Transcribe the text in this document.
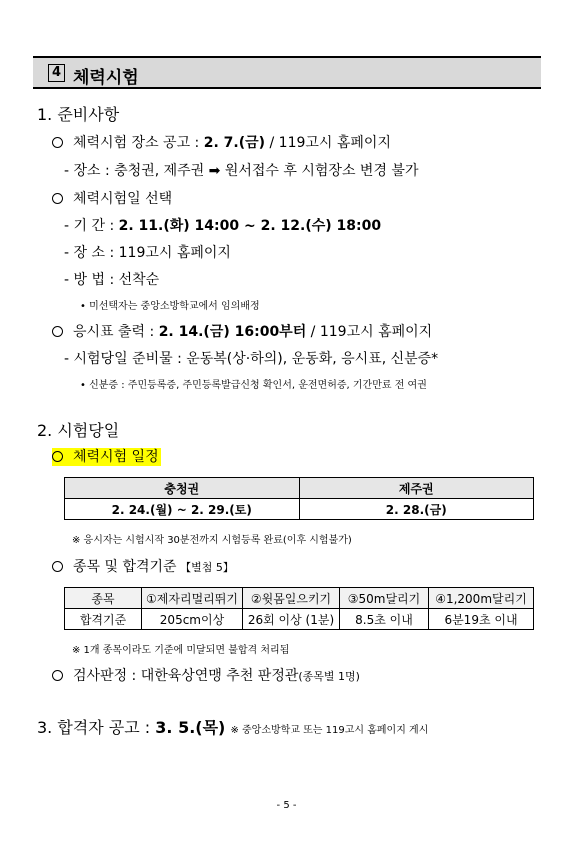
4 체력시험
1. 준비사항
체력시험 장소 공고 : 2. 7.(금) / 119고시 홈페이지
- 장소 : 충청권, 제주권 ➡ 원서접수 후 시험장소 변경 불가
체력시험일 선택
- 기 간 : 2. 11.(화) 14:00 ~ 2. 12.(수) 18:00
- 장 소 : 119고시 홈페이지
- 방 법 : 선착순
• 미선택자는 중앙소방학교에서 임의배정
응시표 출력 : 2. 14.(금) 16:00부터 / 119고시 홈페이지
- 시험당일 준비물 : 운동복(상·하의), 운동화, 응시표, 신분증*
• 신분증 : 주민등록증, 주민등록발급신청 확인서, 운전면허증, 기간만료 전 여권
2. 시험당일
체력시험 일정
충청권	제주권
2. 24.(월) ~ 2. 29.(토)	2. 28.(금)
※ 응시자는 시험시작 30분전까지 시험등록 완료(이후 시험불가)
종목 및 합격기준 【별첨 5】
종목	①제자리멀리뛰기	②윗몸일으키기	③50m달리기	④1,200m달리기
합격기준	205cm이상	26회 이상 (1분)	8.5초 이내	6분19초 이내
※ 1개 종목이라도 기준에 미달되면 불합격 처리됨
검사판정 : 대한육상연맹 추천 판정관(종목별 1명)
3. 합격자 공고 : 3. 5.(목) ※ 중앙소방학교 또는 119고시 홈페이지 게시
- 5 -
